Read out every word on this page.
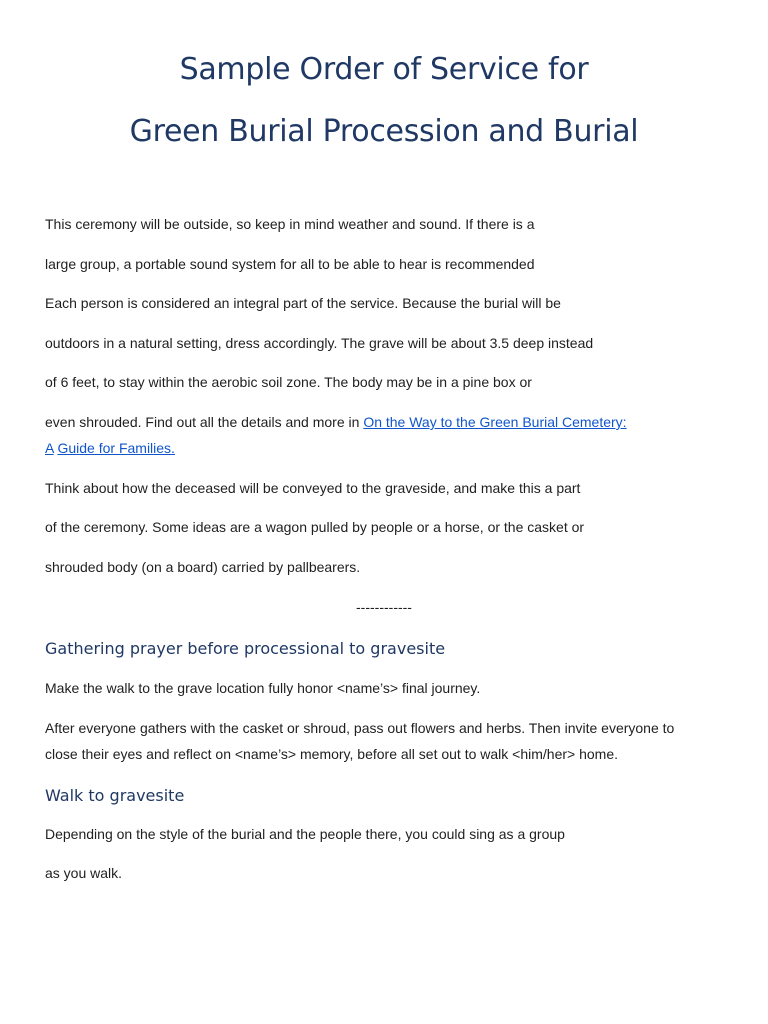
Sample Order of Service for
Green Burial Procession and Burial

This ceremony will be outside, so keep in mind weather and sound. If there is a

large group, a portable sound system for all to be able to hear is recommended

Each person is considered an integral part of the service. Because the burial will be

outdoors in a natural setting, dress accordingly. The grave will be about 3.5 deep instead

of 6 feet, to stay within the aerobic soil zone. The body may be in a pine box or

even shrouded. Find out all the details and more in On the Way to the Green Burial Cemetery:

A Guide for Families.

Think about how the deceased will be conveyed to the graveside, and make this a part

of the ceremony. Some ideas are a wagon pulled by people or a horse, or the casket or

shrouded body (on a board) carried by pallbearers.

------------

Gathering prayer before processional to gravesite

Make the walk to the grave location fully honor <name’s> final journey.

After everyone gathers with the casket or shroud, pass out flowers and herbs. Then invite everyone to

close their eyes and reflect on <name’s> memory, before all set out to walk <him/her> home.

Walk to gravesite

Depending on the style of the burial and the people there, you could sing as a group

as you walk.
